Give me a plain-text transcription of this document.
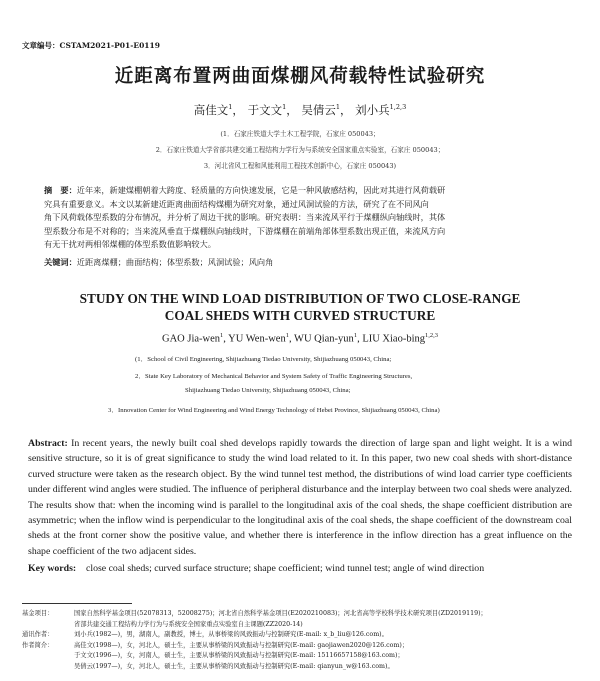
文章编号：CSTAM2021-P01-E0119
近距离布置两曲面煤棚风荷载特性试验研究
高佳文$^1$， 于文文$^1$， 吴倩云$^1$， 刘小兵$^{1,2,3}$
(1．石家庄铁道大学土木工程学院，石家庄 050043；
2．石家庄铁道大学省部共建交通工程结构力学行为与系统安全国家重点实验室，石家庄 050043；
3．河北省风工程和风能利用工程技术创新中心，石家庄 050043)
摘　要：近年来，新建煤棚朝着大跨度、轻质量的方向快速发展，它是一种风敏感结构，因此对其进行风荷载研
究具有重要意义。本文以某新建近距离曲面结构煤棚为研究对象，通过风洞试验的方法，研究了在不同风向
角下风荷载体型系数的分布情况，并分析了周边干扰的影响。研究表明：当来流风平行于煤棚纵向轴线时，其体
型系数分布是不对称的；当来流风垂直于煤棚纵向轴线时，下游煤棚在前端角部体型系数出现正值，来流风方向
有无干扰对两相邻煤棚的体型系数值影响较大。
关键词：近距离煤棚；曲面结构；体型系数；风洞试验；风向角
STUDY ON THE WIND LOAD DISTRIBUTION OF TWO CLOSE-RANGE
COAL SHEDS WITH CURVED STRUCTURE
GAO Jia-wen$^1$, YU Wen-wen$^1$, WU Qian-yun$^1$, LIU Xiao-bing$^{1,2,3}$
(1．School of Civil Engineering, Shijiazhuang Tiedao University, Shijiazhuang 050043, China;
2．State Key Laboratory of Mechanical Behavior and System Safety of Traffic Engineering Structures,
Shijiazhuang Tiedao University, Shijiazhuang 050043, China;
3．Innovation Center for Wind Engineering and Wind Energy Technology of Hebei Province, Shijiazhuang 050043, China)
Abstract: In recent years, the newly built coal shed develops rapidly towards the direction of large span and light weight. It is a wind sensitive structure, so it is of great significance to study the wind load related to it. In this paper, two new coal sheds with short-distance curved structure were taken as the research object. By the wind tunnel test method, the distributions of wind load carrier type coefficients under different wind angles were studied. The influence of peripheral disturbance and the interplay between two coal sheds were analyzed. The results show that: when the incoming wind is parallel to the longitudinal axis of the coal sheds, the shape coefficient distribution are asymmetric; when the inflow wind is perpendicular to the longitudinal axis of the coal sheds, the shape coefficient of the downstream coal sheds at the front corner show the positive value, and whether there is interference in the inflow direction has a great influence on the shape coefficient of the two adjacent sides.
Key words: close coal sheds; curved surface structure; shape coefficient; wind tunnel test; angle of wind direction
基金项目：	国家自然科学基金项目(52078313，52008275)；河北省自然科学基金项目(E2020210083)；河北省高等学校科学技术研究项目(ZD2019119)；
省部共建交通工程结构力学行为与系统安全国家重点实验室自主课题(ZZ2020-14)
通讯作者：	刘小兵(1982—)，男，湖南人，副教授，博士，从事桥梁的风致振动与控制研究(E-mail: x_b_liu@126.com)。
作者简介：	高佳文(1998—)，女，河北人，硕士生，主要从事桥梁的风致振动与控制研究(E-mail: gaojiawen2020@126.com)；
于文文(1996—)，女，河南人，硕士生，主要从事桥梁的风致振动与控制研究(E-mail: 15116657158@163.com)；
吴倩云(1997—)，女，河北人，硕士生，主要从事桥梁的风致振动与控制研究(E-mail: qianyun_w@163.com)。
